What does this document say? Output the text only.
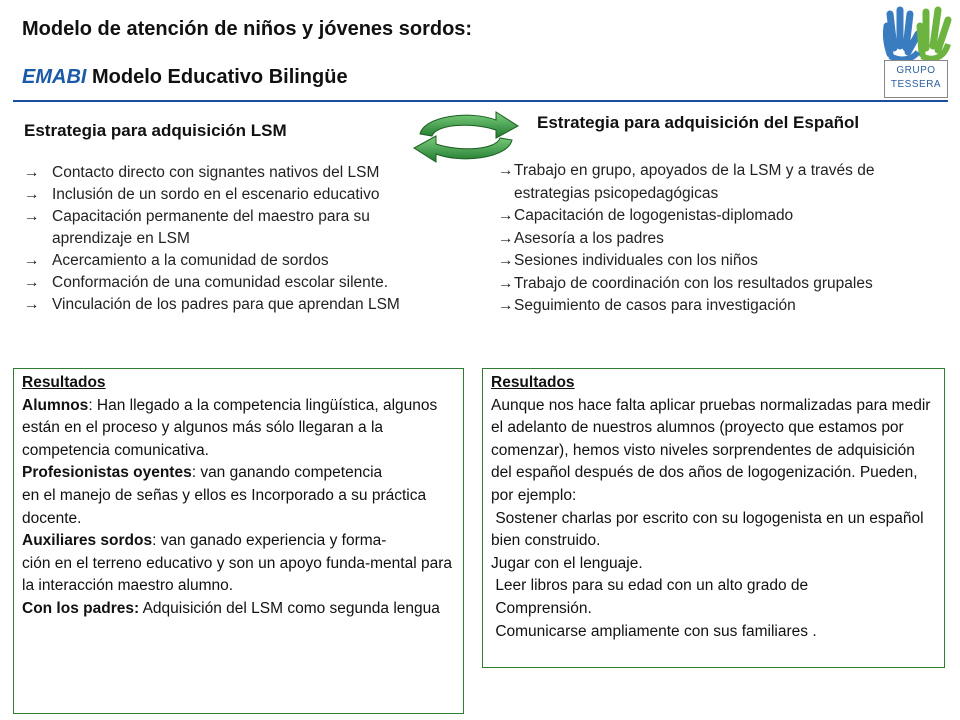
Modelo de atención de niños y jóvenes sordos:
EMABI Modelo Educativo Bilingüe	GRUPO
TESSERA
Estrategia para adquisición LSM
→ Contacto directo con signantes nativos del LSM
→ Inclusión de un sordo en el escenario educativo
→ Capacitación permanente del maestro para su aprendizaje en LSM
→ Acercamiento a la comunidad de sordos
→ Conformación de una comunidad escolar silente.
→ Vinculación de los padres para que aprendan LSM
Estrategia para adquisición del Español
→ Trabajo en grupo, apoyados de la LSM y a través de estrategias psicopedagógicas
→ Capacitación de logogenistas-diplomado
→ Asesoría a los padres
→ Sesiones individuales con los niños
→ Trabajo de coordinación con los resultados grupales
→ Seguimiento de casos para investigación

Resultados

Alumnos: Han llegado a la competencia lingüística, algunos están en el proceso y algunos más sólo llegaran a la competencia comunicativa.

Profesionistas oyentes: van ganando competencia

en el manejo de señas y ellos es Incorporado a su práctica docente.

Auxiliares sordos: van ganado experiencia y forma-

ción en el terreno educativo y son un apoyo funda-mental para la interacción maestro alumno.

Con los padres: Adquisición del LSM como segunda lengua

Resultados

Aunque nos hace falta aplicar pruebas normalizadas para medir el adelanto de nuestros alumnos (proyecto que estamos por comenzar), hemos visto niveles sorprendentes de adquisición del español después de dos años de logogenización. Pueden, por ejemplo:

Sostener charlas por escrito con su logogenista en un español bien construido.

Jugar con el lenguaje.

Leer libros para su edad con un alto grado de

Comprensión.

Comunicarse ampliamente con sus familiares .
